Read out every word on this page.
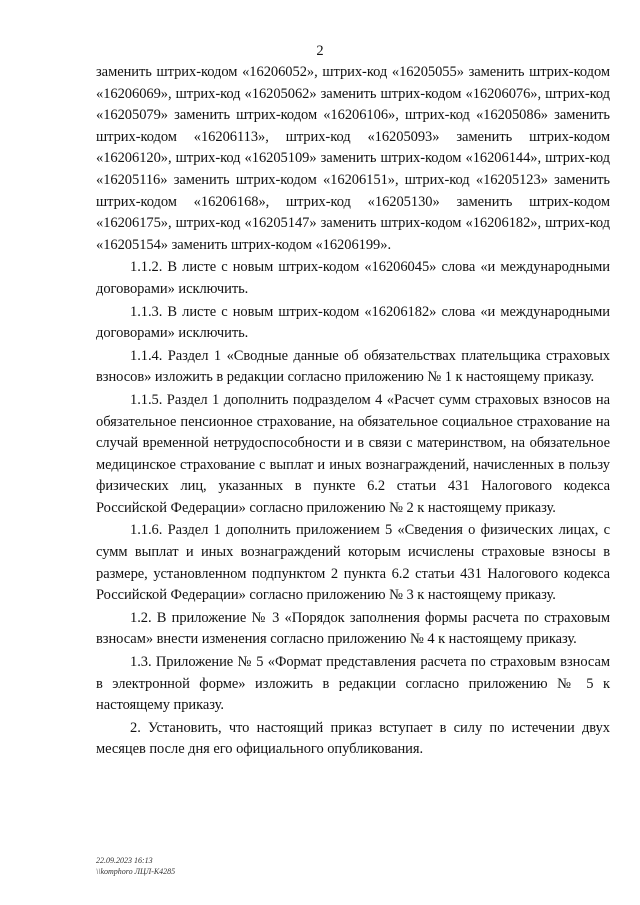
2

заменить штрих-кодом «16206052», штрих-код «16205055» заменить штрих-кодом «16206069», штрих-код «16205062» заменить штрих-кодом «16206076», штрих-код «16205079» заменить штрих-кодом «16206106», штрих-код «16205086» заменить штрих-кодом «16206113», штрих-код «16205093» заменить штрих-кодом «16206120», штрих-код «16205109» заменить штрих-кодом «16206144», штрих-код «16205116» заменить штрих-кодом «16206151», штрих-код «16205123» заменить штрих-кодом «16206168», штрих-код «16205130» заменить штрих-кодом «16206175», штрих-код «16205147» заменить штрих-кодом «16206182», штрих-код «16205154» заменить штрих-кодом «16206199».

1.1.2. В листе с новым штрих-кодом «16206045» слова «и международными договорами» исключить.

1.1.3. В листе с новым штрих-кодом «16206182» слова «и международными договорами» исключить.

1.1.4. Раздел 1 «Сводные данные об обязательствах плательщика страховых взносов» изложить в редакции согласно приложению № 1 к настоящему приказу.

1.1.5. Раздел 1 дополнить подразделом 4 «Расчет сумм страховых взносов на обязательное пенсионное страхование, на обязательное социальное страхование на случай временной нетрудоспособности и в связи с материнством, на обязательное медицинское страхование с выплат и иных вознаграждений, начисленных в пользу физических лиц, указанных в пункте 6.2 статьи 431 Налогового кодекса Российской Федерации» согласно приложению № 2 к настоящему приказу.

1.1.6. Раздел 1 дополнить приложением 5 «Сведения о физических лицах, с сумм выплат и иных вознаграждений которым исчислены страховые взносы в размере, установленном подпунктом 2 пункта 6.2 статьи 431 Налогового кодекса Российской Федерации» согласно приложению № 3 к настоящему приказу.

1.2. В приложение № 3 «Порядок заполнения формы расчета по страховым взносам» внести изменения согласно приложению № 4 к настоящему приказу.

1.3. Приложение № 5 «Формат представления расчета по страховым взносам в электронной форме» изложить в редакции согласно приложению № 5 к настоящему приказу.

2. Установить, что настоящий приказ вступает в силу по истечении двух месяцев после дня его официального опубликования.

22.09.2023 16:13
\\komphoro ЛЦЛ-К4285
